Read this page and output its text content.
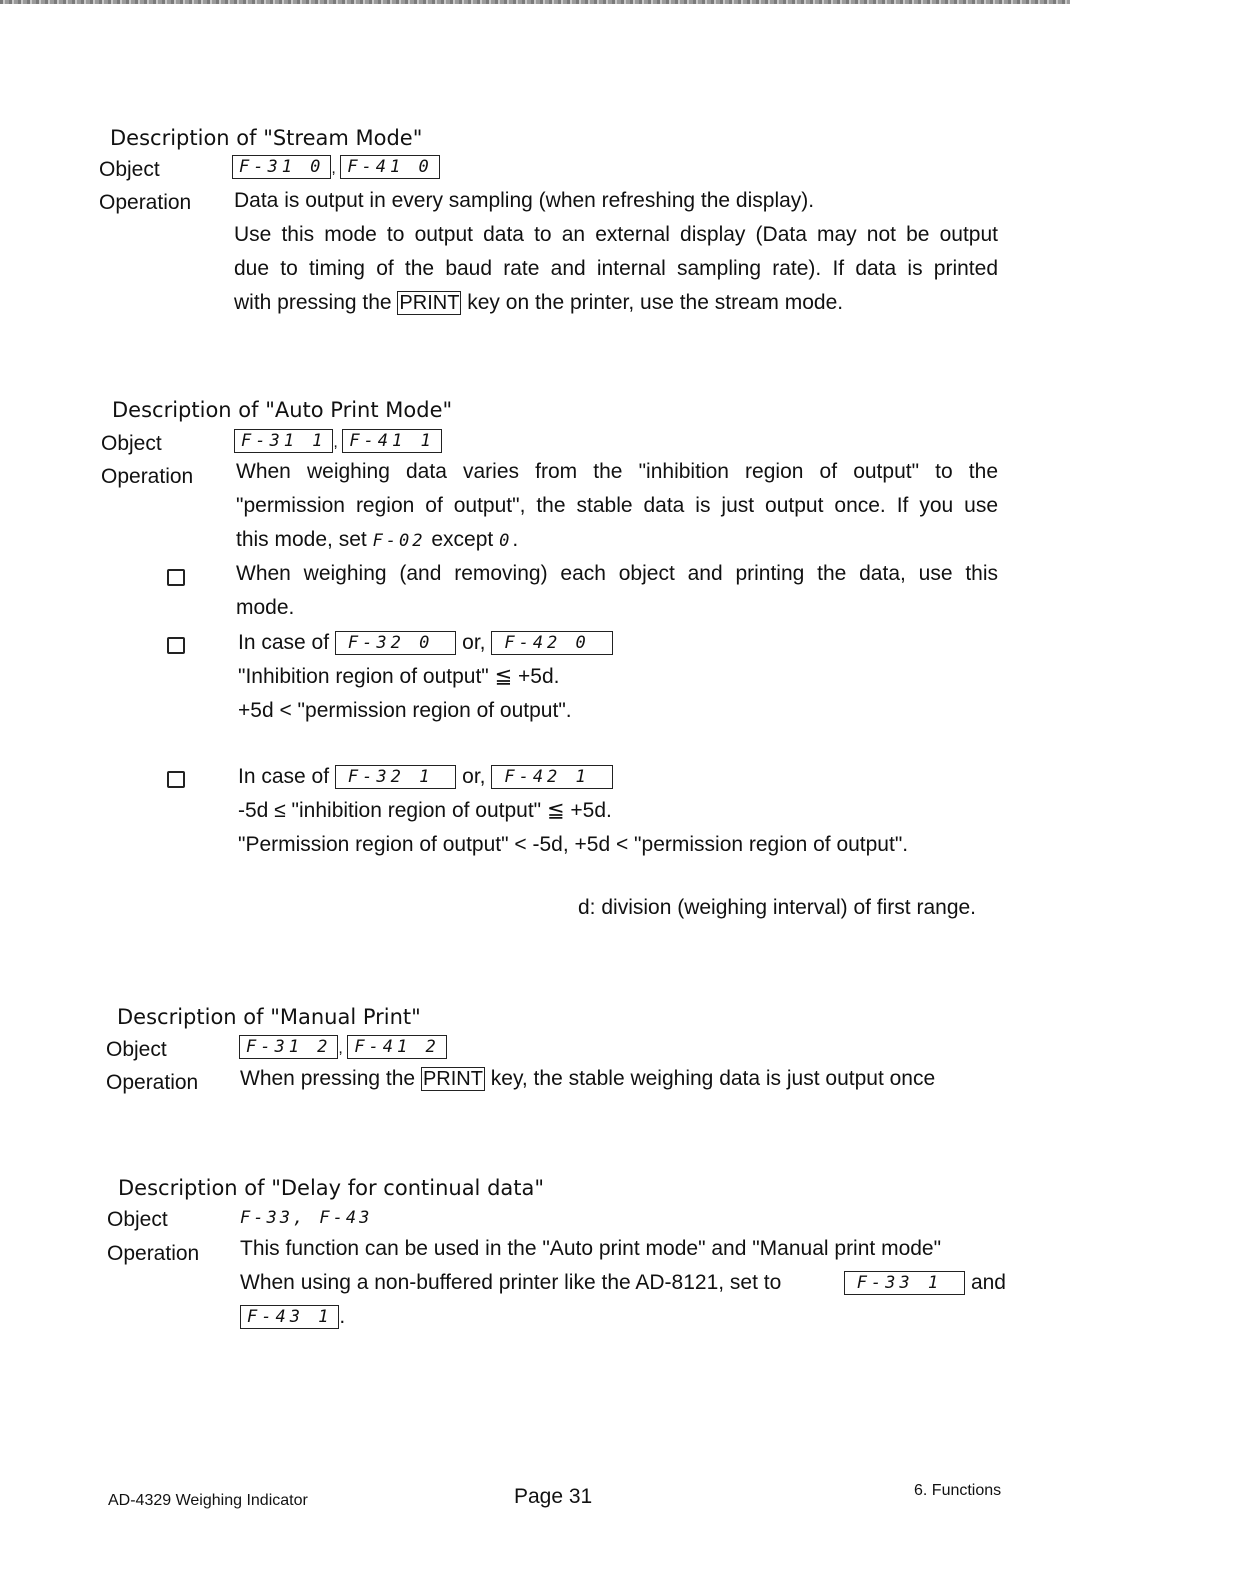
Description of "Stream Mode"
Object	F-31 0 , F-41 0
Operation Data is output in every sampling (when refreshing the display).
Use this mode to output data to an external display (Data may not be output
due to timing of the baud rate and internal sampling rate). If data is printed
with pressing the PRINT key on the printer, use the stream mode.
Description of "Auto Print Mode"
Object	F-31 1 , F-41 1
Operation When weighing data varies from the "inhibition region of output" to the
"permission region of output", the stable data is just output once. If you use
this mode, set F-02 except 0.
When weighing (and removing) each object and printing the data, use this
mode.
In case of F-32 0 or, F-42 0
"Inhibition region of output" ≦ +5d.
+5d < "permission region of output".
In case of F-32 1 or, F-42 1
-5d ≤ "inhibition region of output" ≦ +5d.
"Permission region of output" < -5d, +5d < "permission region of output".
d: division (weighing interval) of first range.
Description of "Manual Print"
Object	F-31 2 , F-41 2
Operation When pressing the PRINT key, the stable weighing data is just output once
Description of "Delay for continual data"
Object	F-33, F-43
Operation This function can be used in the "Auto print mode" and "Manual print mode"
When using a non-buffered printer like the AD-8121, set to	F-33 1 and
F-43 1 .
AD-4329 Weighing Indicator	Page 31	6. Functions
